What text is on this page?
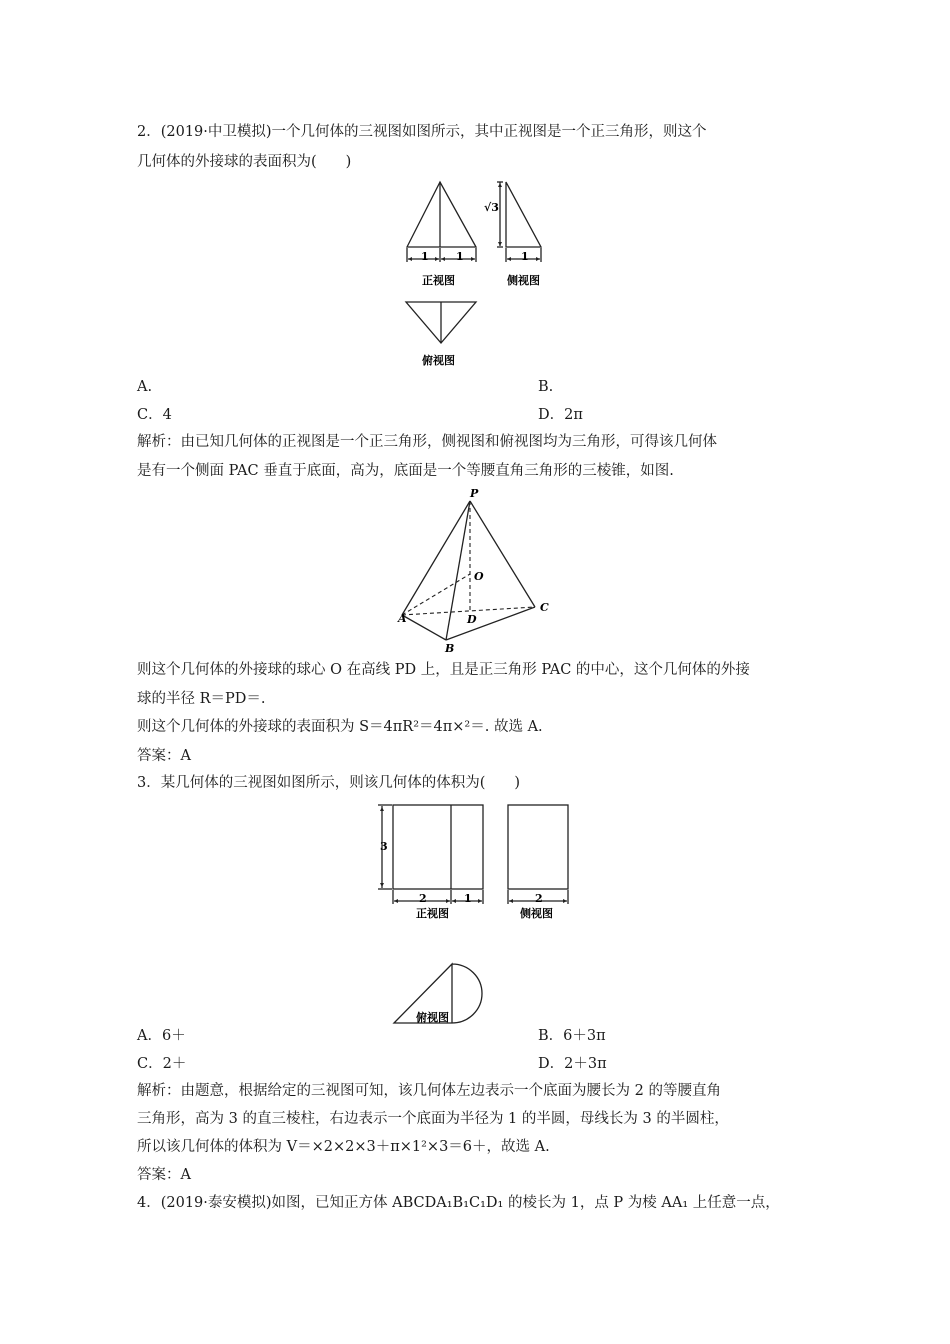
2．(2019·中卫模拟)一个几何体的三视图如图所示，其中正视图是一个正三角形，则这个
几何体的外接球的表面积为(　　)
1 1	1
√3
正视图	侧视图
俯视图
A.	B.
C．4	D．2π
解析：由已知几何体的正视图是一个正三角形，侧视图和俯视图均为三角形，可得该几何体
是有一个侧面 PAC 垂直于底面，高为，底面是一个等腰直角三角形的三棱锥，如图.
P
O
A
C
D
B
则这个几何体的外接球的球心 O 在高线 PD 上，且是正三角形 PAC 的中心，这个几何体的外接
球的半径 R＝PD＝.
则这个几何体的外接球的表面积为 S＝4πR²＝4π×²＝. 故选 A.
答案：A
3．某几何体的三视图如图所示，则该几何体的体积为(　　)
3
2	1	2
正视图	侧视图
俯视图
A．6＋	B．6＋3π
C．2＋	D．2＋3π
解析：由题意，根据给定的三视图可知，该几何体左边表示一个底面为腰长为 2 的等腰直角
三角形，高为 3 的直三棱柱，右边表示一个底面为半径为 1 的半圆，母线长为 3 的半圆柱，
所以该几何体的体积为 V＝×2×2×3＋π×1²×3＝6＋，故选 A.
答案：A
4．(2019·泰安模拟)如图，已知正方体 ABCDA₁B₁C₁D₁ 的棱长为 1，点 P 为棱 AA₁ 上任意一点，
